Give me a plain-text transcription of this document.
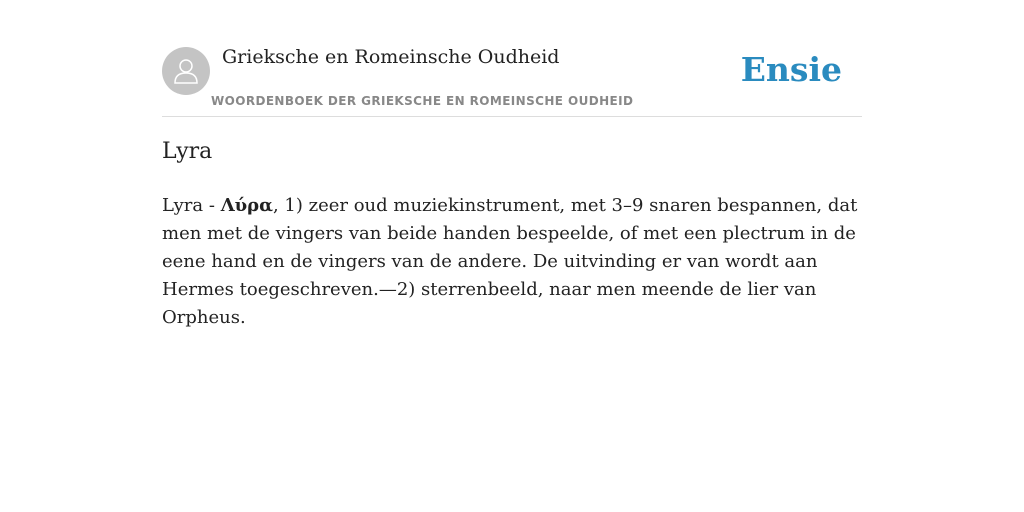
Grieksche en Romeinsche Oudheid
WOORDENBOEK DER GRIEKSCHE EN ROMEINSCHE OUDHEID
Ensie
Lyra

Lyra - Λύρα, 1) zeer oud muziekinstrument, met 3–9 snaren bespannen, dat men met de vingers van beide handen bespeelde, of met een plectrum in de eene hand en de vingers van de andere. De uitvinding er van wordt aan Hermes toegeschreven.—2) sterrenbeeld, naar men meende de lier van Orpheus.
